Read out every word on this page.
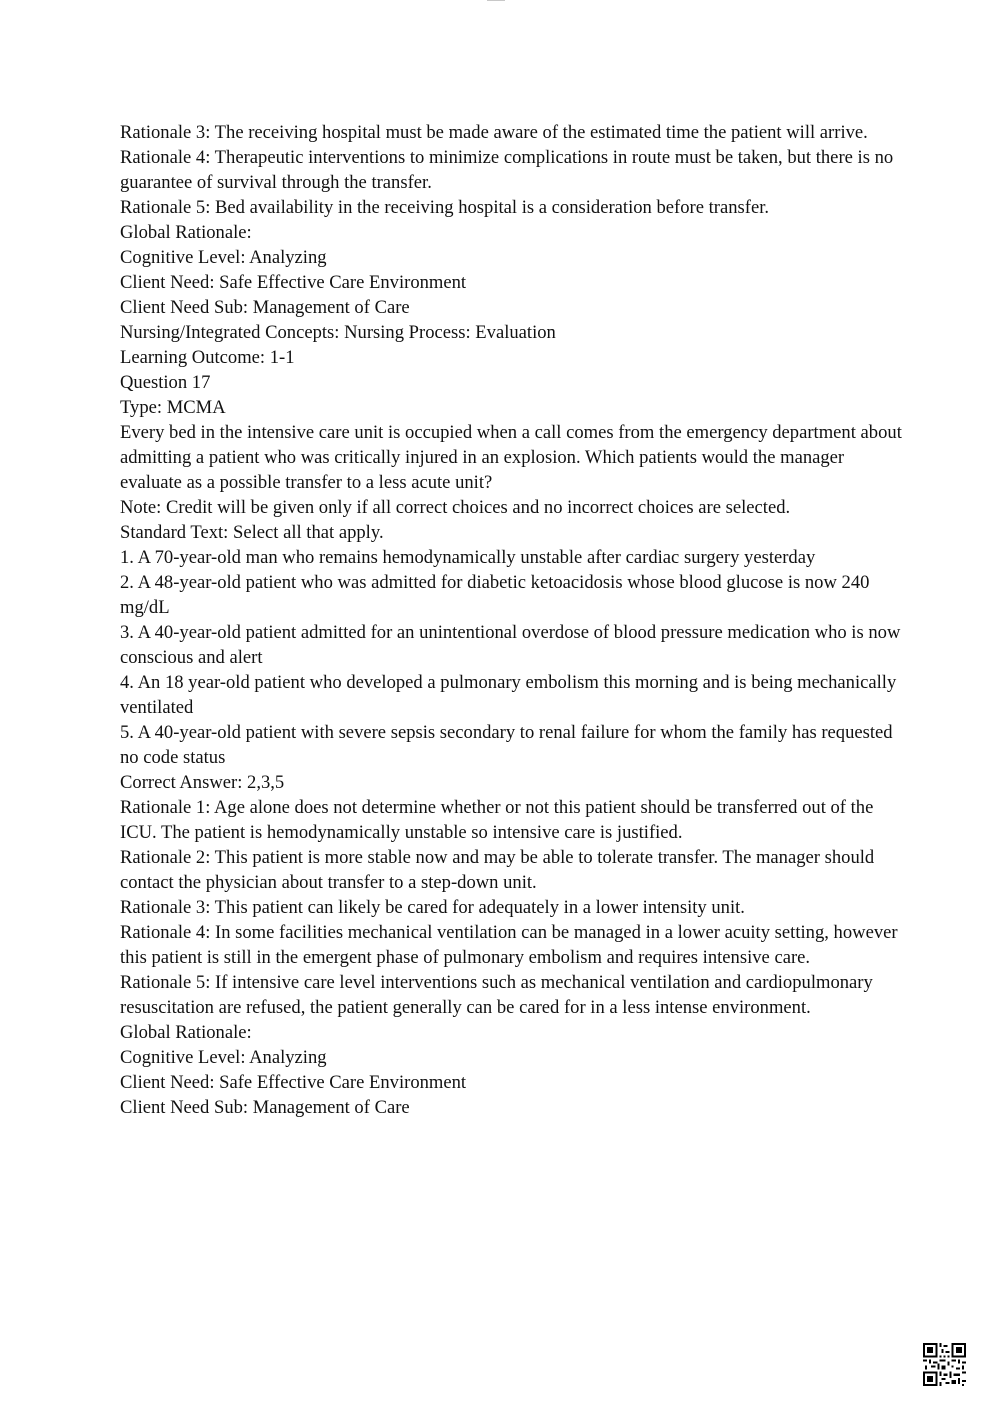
Rationale 3: The receiving hospital must be made aware of the estimated time the patient will arrive.

Rationale 4: Therapeutic interventions to minimize complications in route must be taken, but there is no guarantee of survival through the transfer.

Rationale 5: Bed availability in the receiving hospital is a consideration before transfer.

Global Rationale:

Cognitive Level: Analyzing

Client Need: Safe Effective Care Environment

Client Need Sub: Management of Care

Nursing/Integrated Concepts: Nursing Process: Evaluation

Learning Outcome: 1-1

Question 17

Type: MCMA

Every bed in the intensive care unit is occupied when a call comes from the emergency department about admitting a patient who was critically injured in an explosion. Which patients would the manager evaluate as a possible transfer to a less acute unit?

Note: Credit will be given only if all correct choices and no incorrect choices are selected.

Standard Text: Select all that apply.

1. A 70-year-old man who remains hemodynamically unstable after cardiac surgery yesterday

2. A 48-year-old patient who was admitted for diabetic ketoacidosis whose blood glucose is now 240 mg/dL

3. A 40-year-old patient admitted for an unintentional overdose of blood pressure medication who is now conscious and alert

4. An 18 year-old patient who developed a pulmonary embolism this morning and is being mechanically ventilated

5. A 40-year-old patient with severe sepsis secondary to renal failure for whom the family has requested no code status

Correct Answer: 2,3,5

Rationale 1: Age alone does not determine whether or not this patient should be transferred out of the ICU. The patient is hemodynamically unstable so intensive care is justified.

Rationale 2: This patient is more stable now and may be able to tolerate transfer. The manager should contact the physician about transfer to a step-down unit.

Rationale 3: This patient can likely be cared for adequately in a lower intensity unit.

Rationale 4: In some facilities mechanical ventilation can be managed in a lower acuity setting, however this patient is still in the emergent phase of pulmonary embolism and requires intensive care.

Rationale 5: If intensive care level interventions such as mechanical ventilation and cardiopulmonary resuscitation are refused, the patient generally can be cared for in a less intense environment.

Global Rationale:

Cognitive Level: Analyzing

Client Need: Safe Effective Care Environment

Client Need Sub: Management of Care
